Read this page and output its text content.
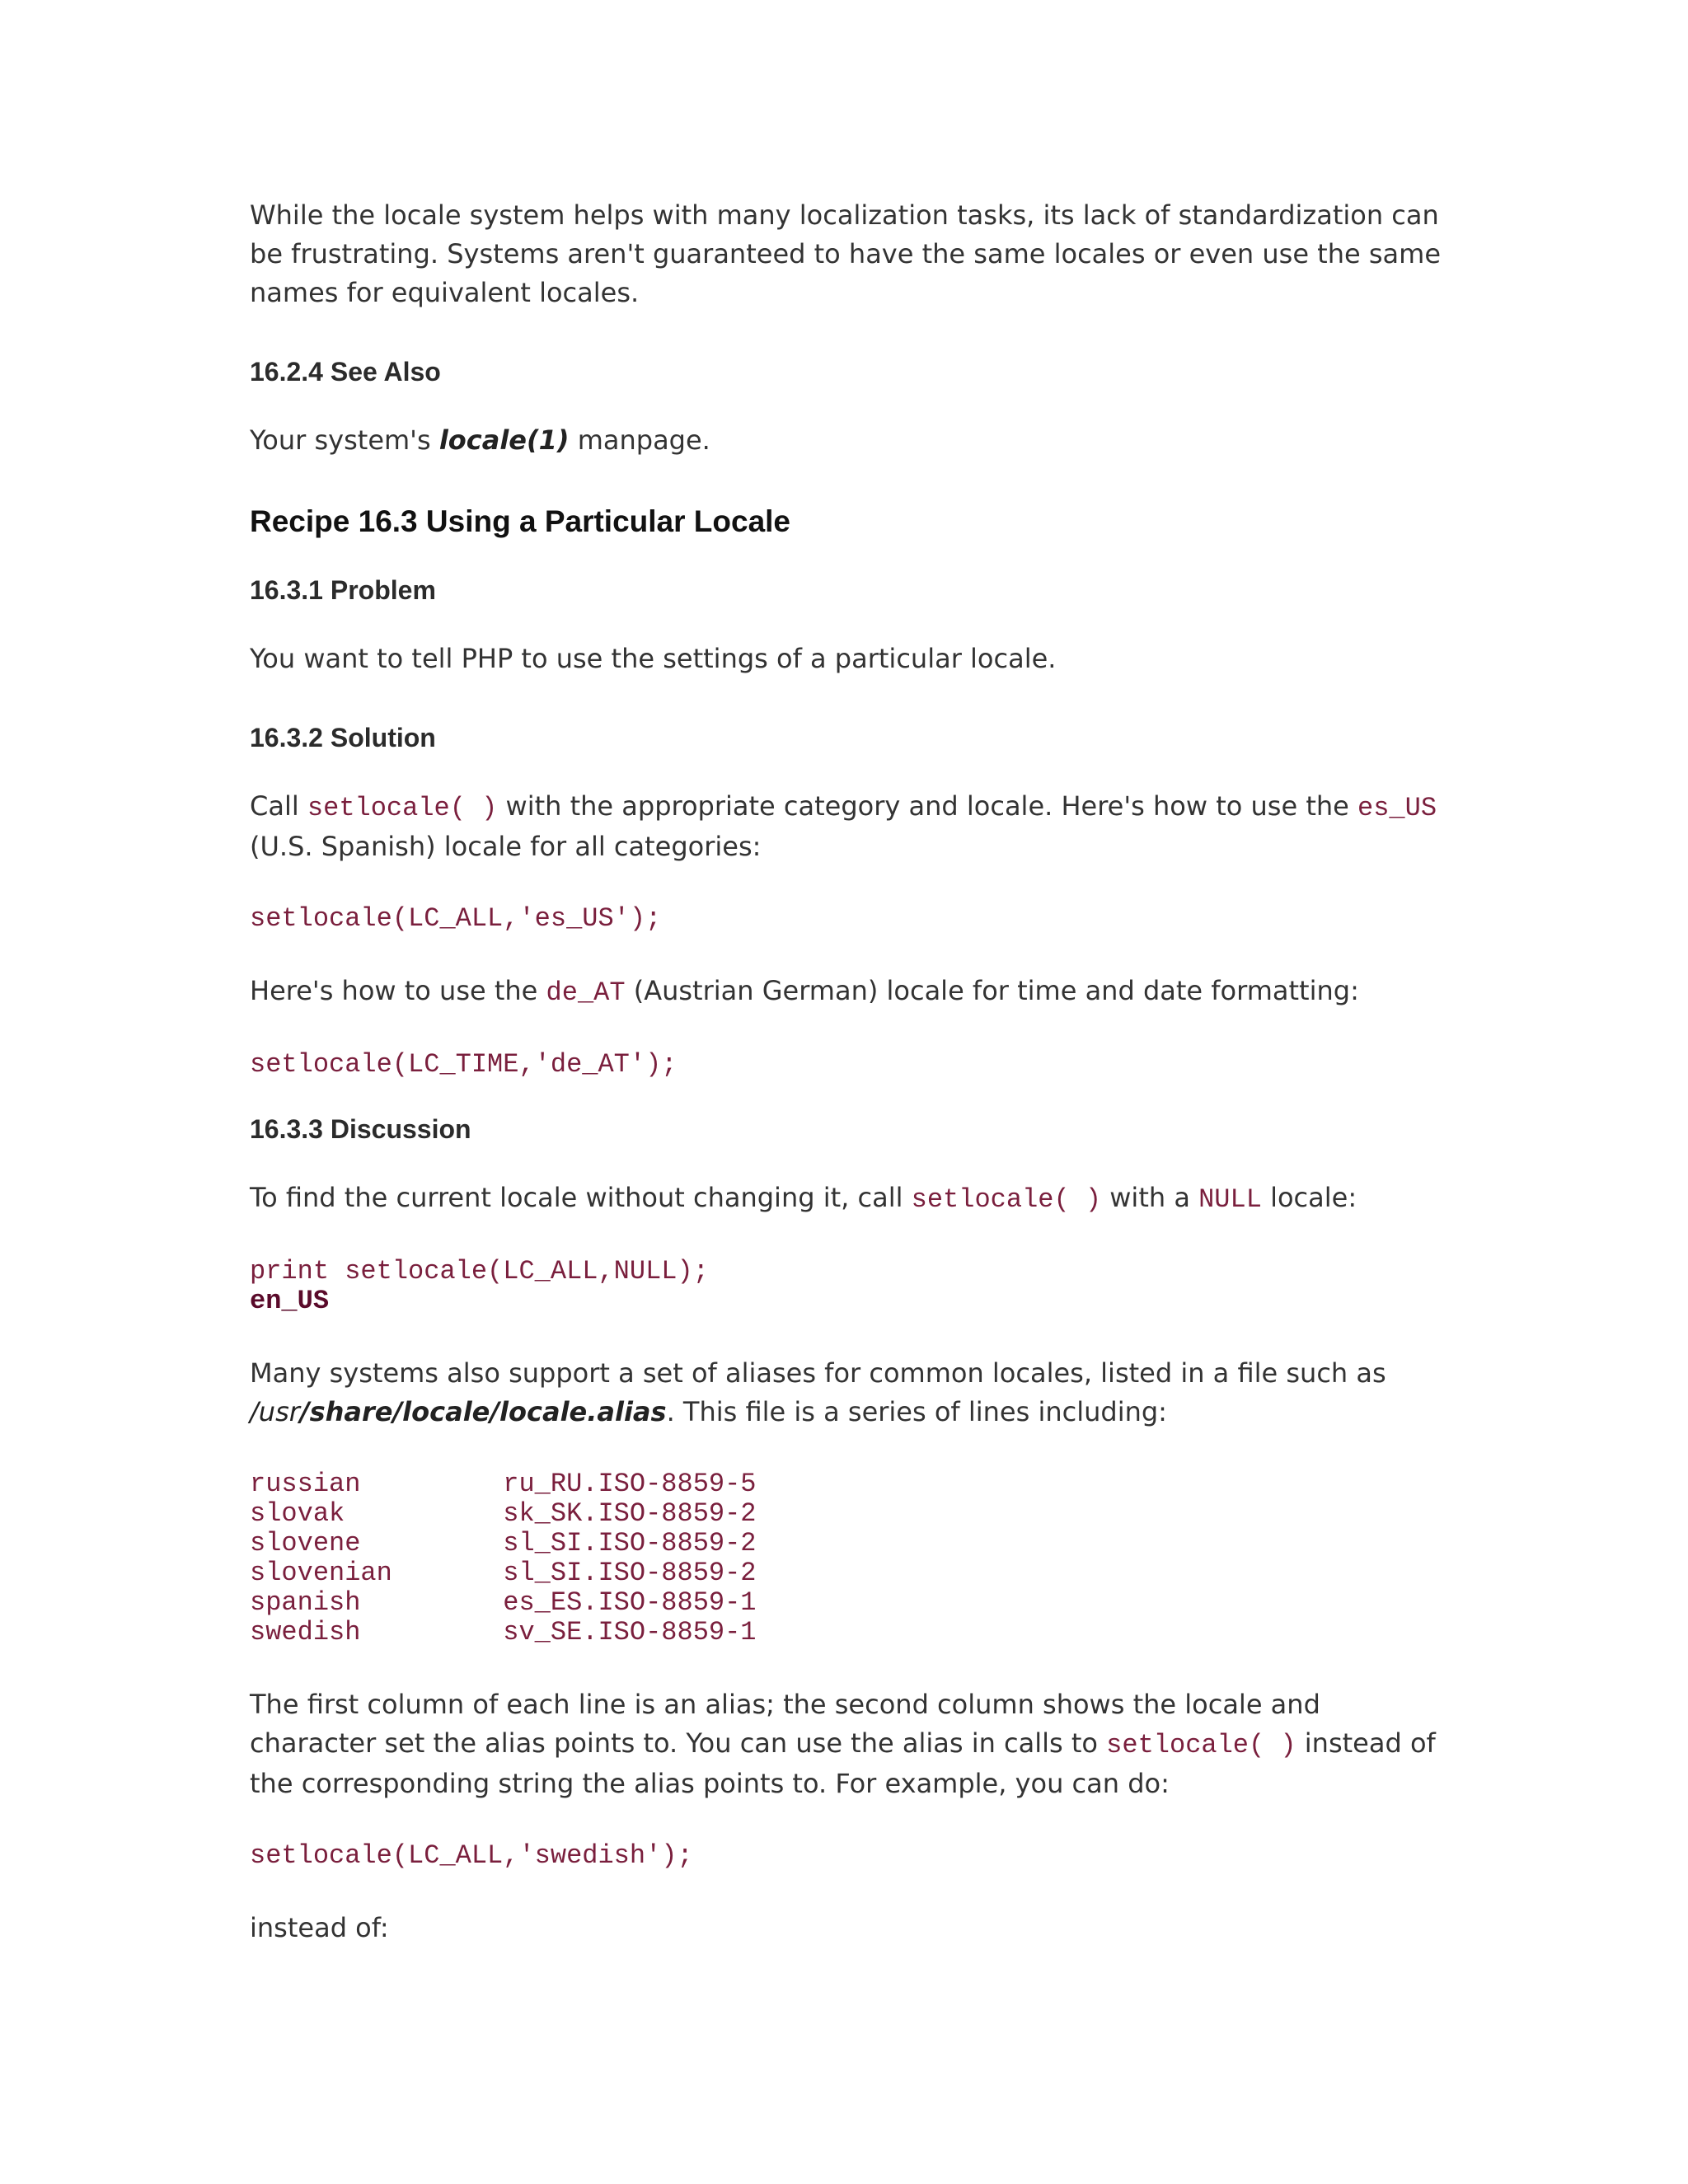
While the locale system helps with many localization tasks, its lack of standardization can be frustrating. Systems aren't guaranteed to have the same locales or even use the same names for equivalent locales.

16.2.4 See Also

Your system's locale(1) manpage.

Recipe 16.3 Using a Particular Locale
16.3.1 Problem

You want to tell PHP to use the settings of a particular locale.

16.3.2 Solution

Call setlocale( ) with the appropriate category and locale. Here's how to use the es_US (U.S. Spanish) locale for all categories:

setlocale(LC_ALL,'es_US');

Here's how to use the de_AT (Austrian German) locale for time and date formatting:

setlocale(LC_TIME,'de_AT');
16.3.3 Discussion

To find the current locale without changing it, call setlocale( ) with a NULL locale:

print setlocale(LC_ALL,NULL);
en_US

Many systems also support a set of aliases for common locales, listed in a file such as /usr/share/locale/locale.alias. This file is a series of lines including:

russian         ru_RU.ISO-8859-5
slovak          sk_SK.ISO-8859-2
slovene         sl_SI.ISO-8859-2
slovenian       sl_SI.ISO-8859-2
spanish         es_ES.ISO-8859-1
swedish         sv_SE.ISO-8859-1

The first column of each line is an alias; the second column shows the locale and character set the alias points to. You can use the alias in calls to setlocale( ) instead of the corresponding string the alias points to. For example, you can do:

setlocale(LC_ALL,'swedish');

instead of:
